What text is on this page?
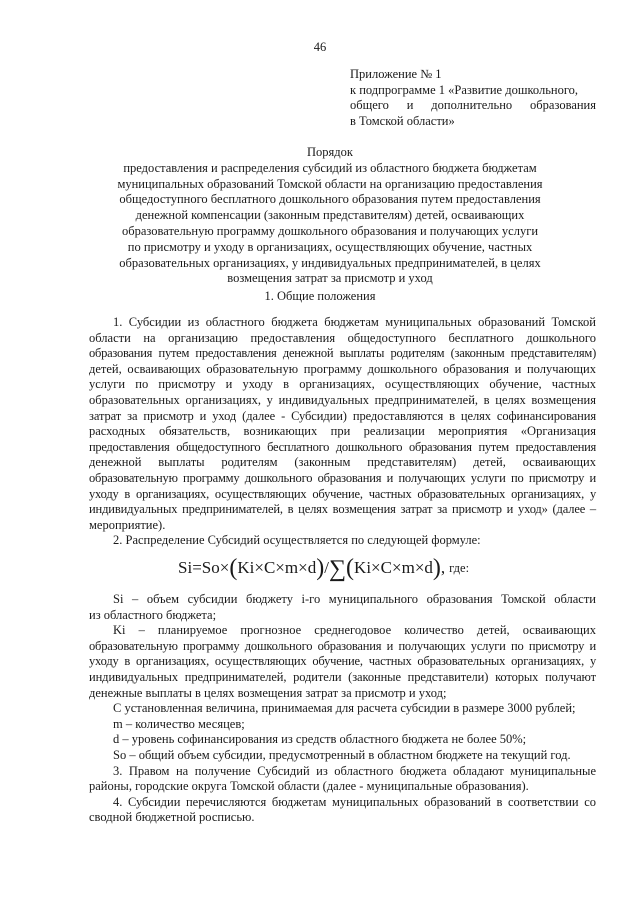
46
Приложение № 1
к подпрограмме 1 «Развитие дошкольного,
общего и дополнительно образования
в Томской области»
Порядок
предоставления и распределения субсидий из областного бюджета бюджетам
муниципальных образований Томской области на организацию предоставления
общедоступного бесплатного дошкольного образования путем предоставления
денежной компенсации (законным представителям) детей, осваивающих
образовательную программу дошкольного образования и получающих услуги
по присмотру и уходу в организациях, осуществляющих обучение, частных
образовательных организациях, у индивидуальных предпринимателей, в целях
возмещения затрат за присмотр и уход
1. Общие положения

1. Субсидии из областного бюджета бюджетам муниципальных образований Томской
области на организацию предоставления общедоступного бесплатного дошкольного
образования путем предоставления денежной выплаты родителям (законным представителям)
детей, осваивающих образовательную программу дошкольного образования и получающих
услуги по присмотру и уходу в организациях, осуществляющих обучение, частных
образовательных организациях, у индивидуальных предпринимателей, в целях возмещения
затрат за присмотр и уход (далее - Субсидии) предоставляются в целях софинансирования
расходных обязательств, возникающих при реализации мероприятия «Организация
предоставления общедоступного бесплатного дошкольного образования путем предоставления
денежной выплаты родителям (законным представителям) детей, осваивающих
образовательную программу дошкольного образования и получающих услуги по присмотру и
уходу в организациях, осуществляющих обучение, частных образовательных организациях, у
индивидуальных предпринимателей, в целях возмещения затрат за присмотр и уход» (далее –
мероприятие).

2. Распределение Субсидий осуществляется по следующей формуле:

Si=So×(Ki×C×m×d)/∑(Ki×C×m×d), где:

Si – объем субсидии бюджету i-го муниципального образования Томской области
из областного бюджета;

Ki – планируемое прогнозное среднегодовое количество детей, осваивающих
образовательную программу дошкольного образования и получающих услуги по присмотру и
уходу в организациях, осуществляющих обучение, частных образовательных организациях, у
индивидуальных предпринимателей, родители (законные представители) которых получают
денежные выплаты в целях возмещения затрат за присмотр и уход;

С установленная величина, принимаемая для расчета субсидии в размере 3000 рублей;

m – количество месяцев;

d – уровень софинансирования из средств областного бюджета не более 50%;

So – общий объем субсидии, предусмотренный в областном бюджете на текущий год.

3. Правом на получение Субсидий из областного бюджета обладают муниципальные
районы, городские округа Томской области (далее - муниципальные образования).

4. Субсидии перечисляются бюджетам муниципальных образований в соответствии со
сводной бюджетной росписью.
